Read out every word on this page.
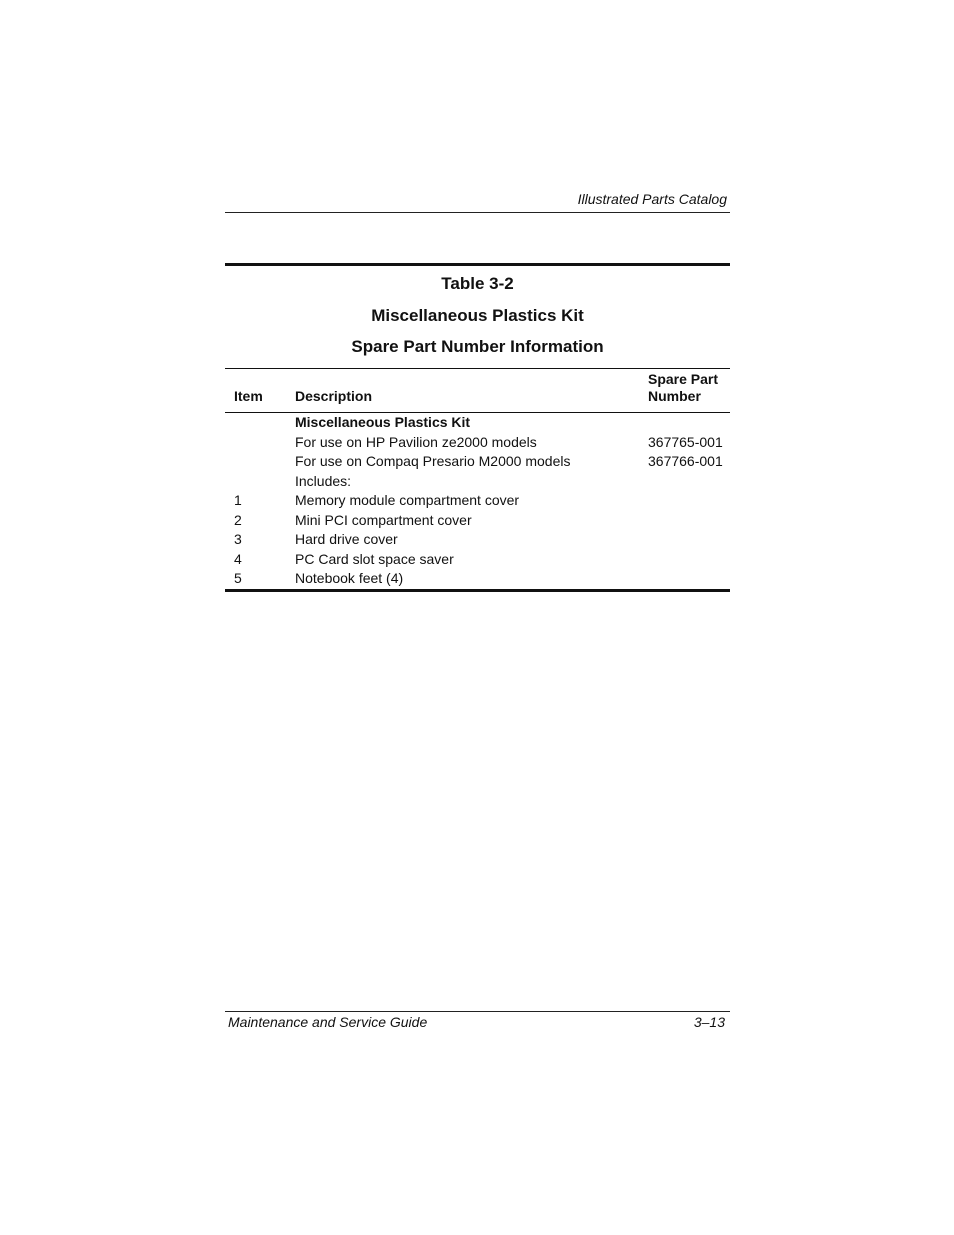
Illustrated Parts Catalog
Table 3-2
Miscellaneous Plastics Kit
Spare Part Number Information
Item	Description	Spare Part
Number
	Miscellaneous Plastics Kit	
	For use on HP Pavilion ze2000 models	367765-001
	For use on Compaq Presario M2000 models	367766-001
	Includes:	
1	Memory module compartment cover	
2	Mini PCI compartment cover	
3	Hard drive cover	
4	PC Card slot space saver	
5	Notebook feet (4)	
Maintenance and Service Guide	3–13
